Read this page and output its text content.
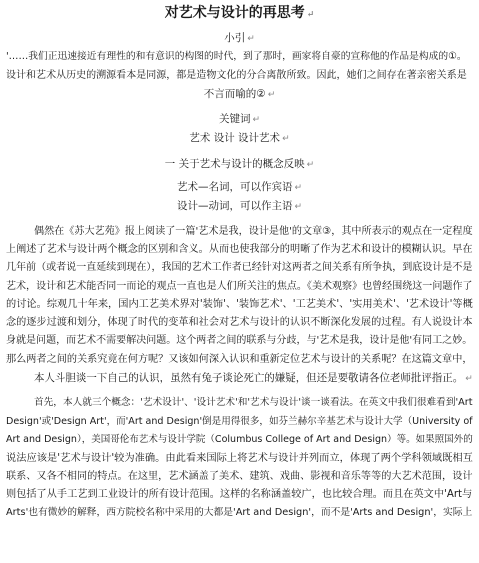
对艺术与设计的再思考 ↵
小引 ↵
'……我们正迅速接近有理性的和有意识的构图的时代，到了那时，画家将自豪的宣称他的作品是构成的①。
设计和艺术从历史的溯源看本是同源，都是造物文化的分合离散所致。因此，她们之间存在著亲密关系是
不言而喻的② ↵
关键词 ↵
艺术 设计 设计艺术 ↵
一 关于艺术与设计的概念反映 ↵
艺术—名词，可以作宾语 ↵
设计—动词，可以作主语 ↵
偶然在《苏大艺苑》报上阅读了一篇'艺术是我，设计是他'的文章③，其中所表示的观点在一定程度
上阐述了艺术与设计两个概念的区别和含义。从而也使我部分的明晰了作为艺术和设计的模糊认识。早在
几年前（或者说一直延续到现在），我国的艺术工作者已经针对这两者之间关系有所争执，到底设计是不是
艺术，设计和艺术能否同一而论的观点一直也是人们所关注的焦点。《美术观察》也曾经围绕这一问题作了
的讨论。综观几十年来，国内工艺美术界对'装饰'、'装饰艺术'、'工艺美术'、'实用美术'、'艺术设计'等概
念的逐步过渡和划分，体现了时代的变革和社会对艺术与设计的认识不断深化发展的过程。有人说设计本
身就是问题，而艺术不需要解决问题。这个两者之间的联系与分歧，与'艺术是我，设计是他'有同工之妙。
那么两者之间的关系究竟在何方呢？又该如何深入认识和重新定位艺术与设计的关系呢？在这篇文章中，
本人斗胆谈一下自己的认识，虽然有兔子谈论死亡的嫌疑，但还是要敬请各位老师批评指正。 ↵
首先，本人就三个概念：'艺术设计'、'设计艺术'和'艺术与设计'谈一谈看法。在英文中我们很难看到'Art
Design'或'Design Art'，而'Art and Design'倒是用得很多，如芬兰赫尔辛基艺术与设计大学（University of
Art and Design），美国哥伦布艺术与设计学院（Columbus College of Art and Design）等。如果照国外的
说法应该是'艺术与设计'较为准确。由此看来国际上将艺术与设计并列而立，体现了两个学科领域既相互
联系、又各不相同的特点。在这里，艺术涵盖了美术、建筑、戏曲、影视和音乐等等的大艺术范围，设计
则包括了从手工艺到工业设计的所有设计范围。这样的名称涵盖较广，也比较合理。而且在英文中'Art与
Arts'也有微妙的解释，西方院校名称中采用的大都是'Art and Design'，而不是'Arts and Design'，实际上
